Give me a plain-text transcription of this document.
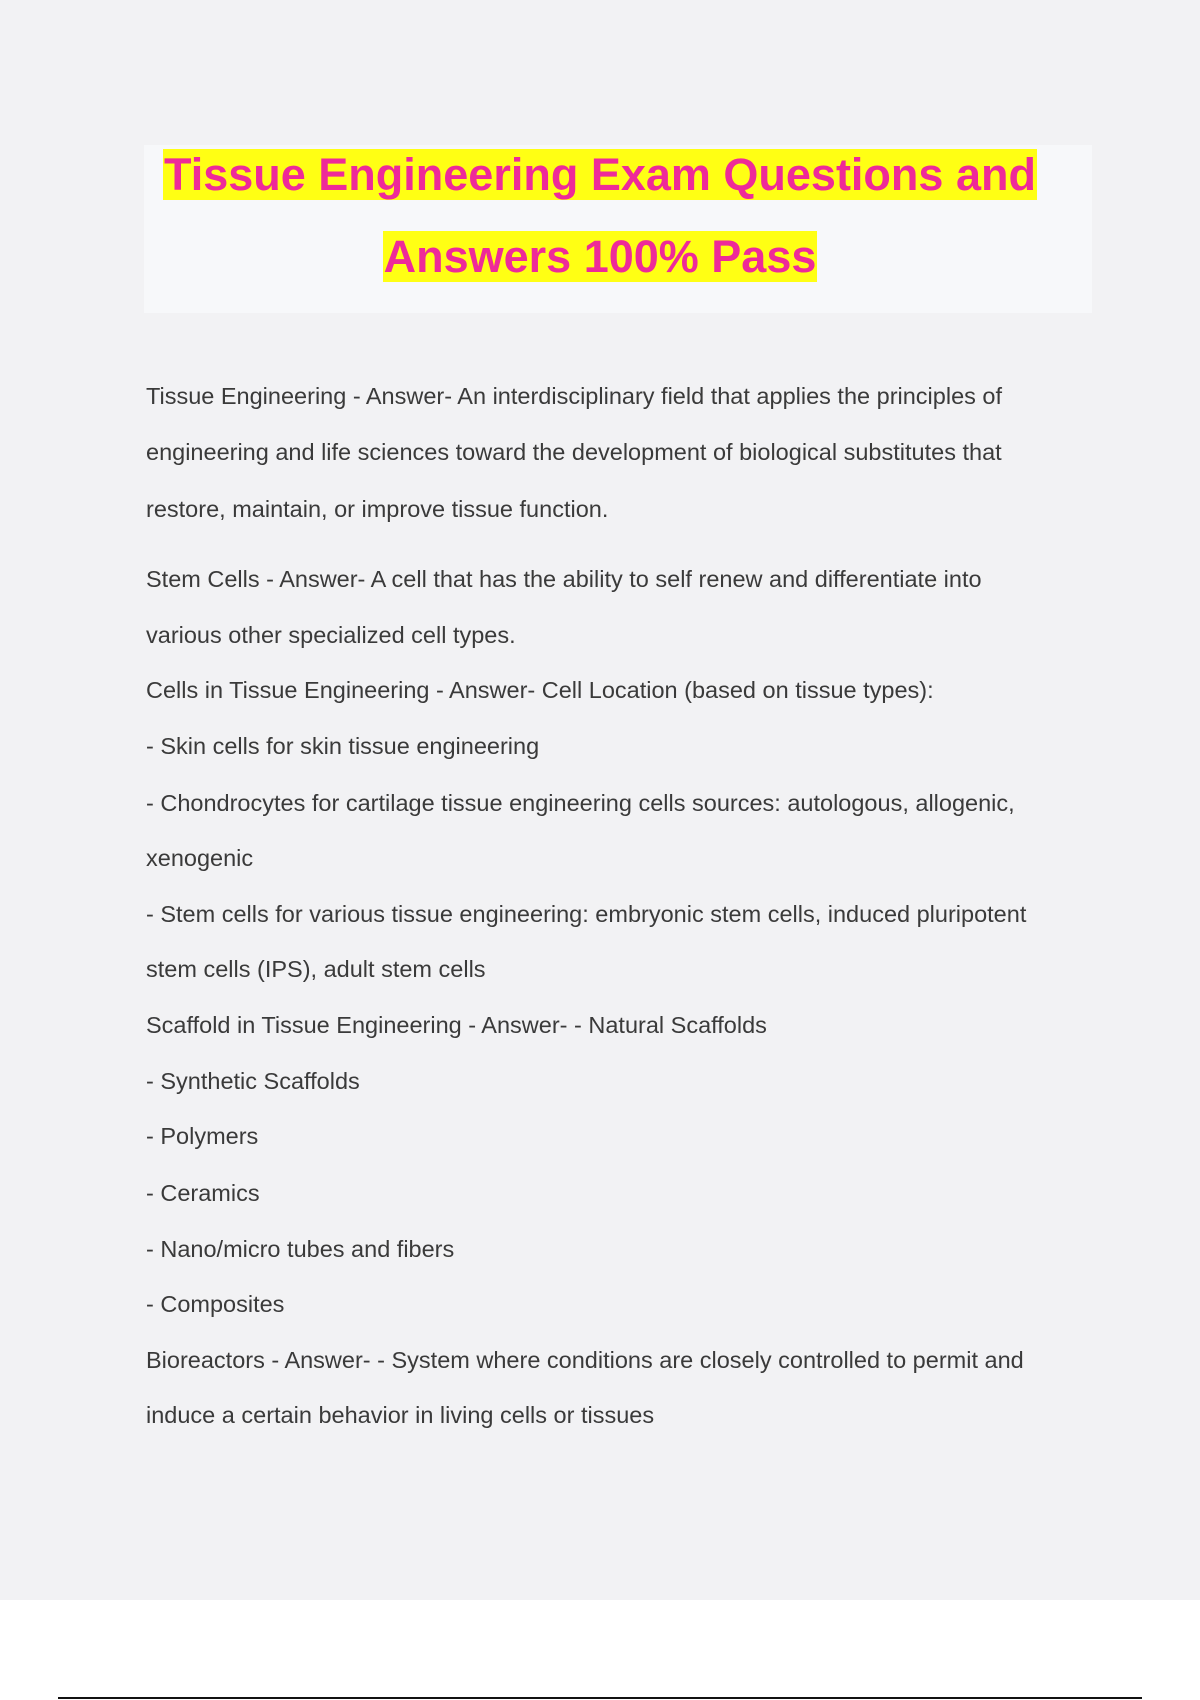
Tissue Engineering Exam Questions and
Answers 100% Pass
Tissue Engineering - Answer- An interdisciplinary field that applies the principles of
engineering and life sciences toward the development of biological substitutes that
restore, maintain, or improve tissue function.
Stem Cells - Answer- A cell that has the ability to self renew and differentiate into
various other specialized cell types.
Cells in Tissue Engineering - Answer- Cell Location (based on tissue types):
- Skin cells for skin tissue engineering
- Chondrocytes for cartilage tissue engineering cells sources: autologous, allogenic,
xenogenic
- Stem cells for various tissue engineering: embryonic stem cells, induced pluripotent
stem cells (IPS), adult stem cells
Scaffold in Tissue Engineering - Answer- - Natural Scaffolds
- Synthetic Scaffolds
- Polymers
- Ceramics
- Nano/micro tubes and fibers
- Composites
Bioreactors - Answer- - System where conditions are closely controlled to permit and
induce a certain behavior in living cells or tissues
